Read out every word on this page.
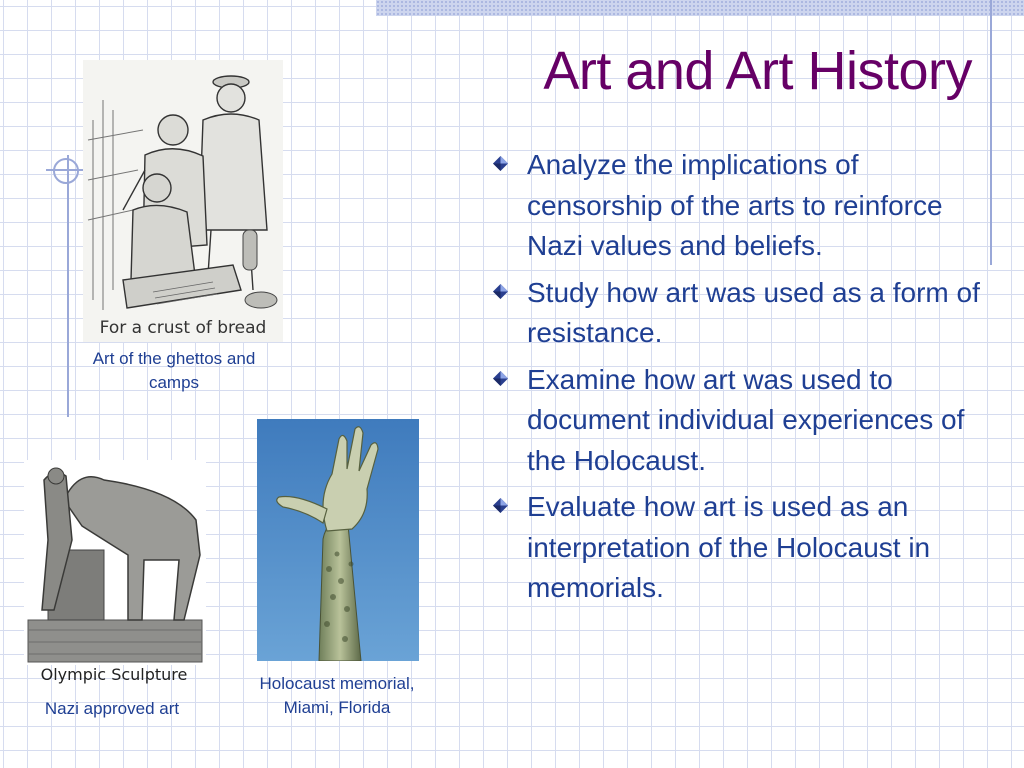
Art and Art History
Analyze the implications of censorship of the arts to reinforce Nazi values and beliefs.
Study how art was used as a form of resistance.
Examine how art was used to document individual experiences of the Holocaust.
Evaluate how art is used as an interpretation of the Holocaust in memorials.
For a crust of bread
Art of the ghettos and camps
Olympic Sculpture
Nazi approved art
Holocaust memorial, Miami, Florida
